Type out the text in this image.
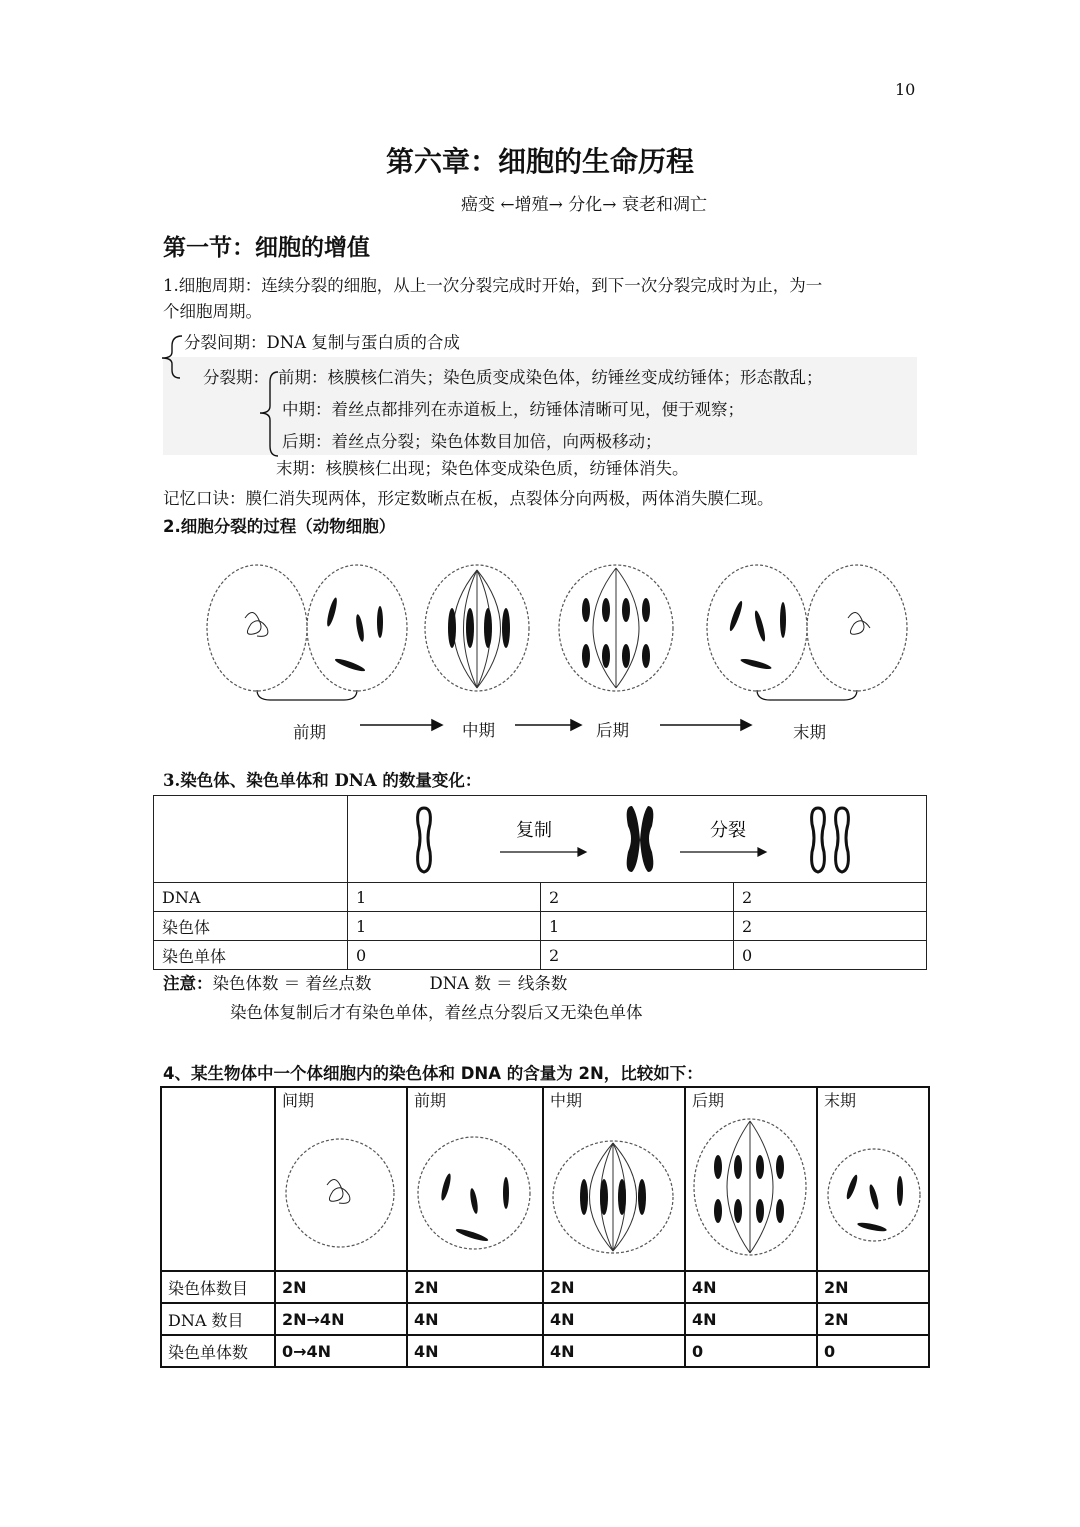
10
第六章：细胞的生命历程
癌变 ←增殖→ 分化→ 衰老和凋亡
第一节：细胞的增值
1.细胞周期：连续分裂的细胞，从上一次分裂完成时开始，到下一次分裂完成时为止，为一
个细胞周期。
分裂间期：DNA 复制与蛋白质的合成
分裂期： 前期：核膜核仁消失；染色质变成染色体，纺锤丝变成纺锤体；形态散乱；
中期：着丝点都排列在赤道板上，纺锤体清晰可见，便于观察；
后期：着丝点分裂；染色体数目加倍，向两极移动；
末期：核膜核仁出现；染色体变成染色质，纺锤体消失。
记忆口诀：膜仁消失现两体，形定数晰点在板，点裂体分向两极，两体消失膜仁现。
2.细胞分裂的过程（动物细胞）
前期	中期	后期	末期
3.染色体、染色单体和 DNA 的数量变化：

复制 分裂		

DNA	1	2	2
染色体	1	1	2
染色单体	0	2	0
注意：染色体数 ＝ 着丝点数	DNA 数 ＝ 线条数
染色体复制后才有染色单体，着丝点分裂后又无染色单体
4、某生物体中一个体细胞内的染色体和 DNA 的含量为 2N，比较如下：

	间期	前期	中期	后期	末期

染色体数目	2N	2N	2N	4N	2N
DNA 数目	2N→4N	4N	4N	4N	2N
染色单体数	0→4N	4N	4N	0	0
